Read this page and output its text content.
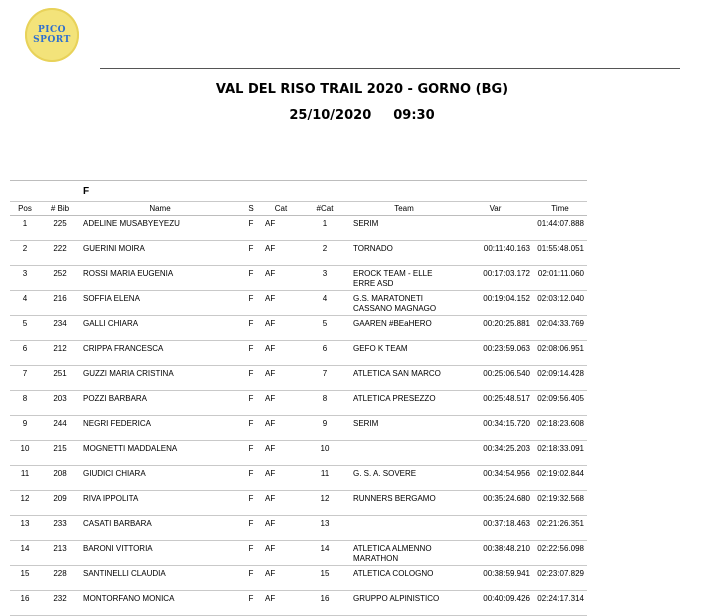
PICO
SPORT
VAL DEL RISO TRAIL 2020 - GORNO (BG)
25/10/2020 09:30
		F						
Pos	# Bib	Name	S	Cat	#Cat	Team	Var	Time
1	225	ADELINE MUSABYEYEZU	F	AF	1	SERIM		01:44:07.888
2	222	GUERINI MOIRA	F	AF	2	TORNADO	00:11:40.163	01:55:48.051
3	252	ROSSI MARIA EUGENIA	F	AF	3	EROCK TEAM - ELLE ERRE ASD	00:17:03.172	02:01:11.060
4	216	SOFFIA ELENA	F	AF	4	G.S. MARATONETI CASSANO MAGNAGO	00:19:04.152	02:03:12.040
5	234	GALLI CHIARA	F	AF	5	GAAREN #BEaHERO	00:20:25.881	02:04:33.769
6	212	CRIPPA FRANCESCA	F	AF	6	GEFO K TEAM	00:23:59.063	02:08:06.951
7	251	GUZZI MARIA CRISTINA	F	AF	7	ATLETICA SAN MARCO	00:25:06.540	02:09:14.428
8	203	POZZI BARBARA	F	AF	8	ATLETICA PRESEZZO	00:25:48.517	02:09:56.405
9	244	NEGRI FEDERICA	F	AF	9	SERIM	00:34:15.720	02:18:23.608
10	215	MOGNETTI MADDALENA	F	AF	10		00:34:25.203	02:18:33.091
11	208	GIUDICI CHIARA	F	AF	11	G. S. A. SOVERE	00:34:54.956	02:19:02.844
12	209	RIVA IPPOLITA	F	AF	12	RUNNERS BERGAMO	00:35:24.680	02:19:32.568
13	233	CASATI BARBARA	F	AF	13		00:37:18.463	02:21:26.351
14	213	BARONI VITTORIA	F	AF	14	ATLETICA ALMENNO MARATHON	00:38:48.210	02:22:56.098
15	228	SANTINELLI CLAUDIA	F	AF	15	ATLETICA COLOGNO	00:38:59.941	02:23:07.829
16	232	MONTORFANO MONICA	F	AF	16	GRUPPO ALPINISTICO	00:40:09.426	02:24:17.314
